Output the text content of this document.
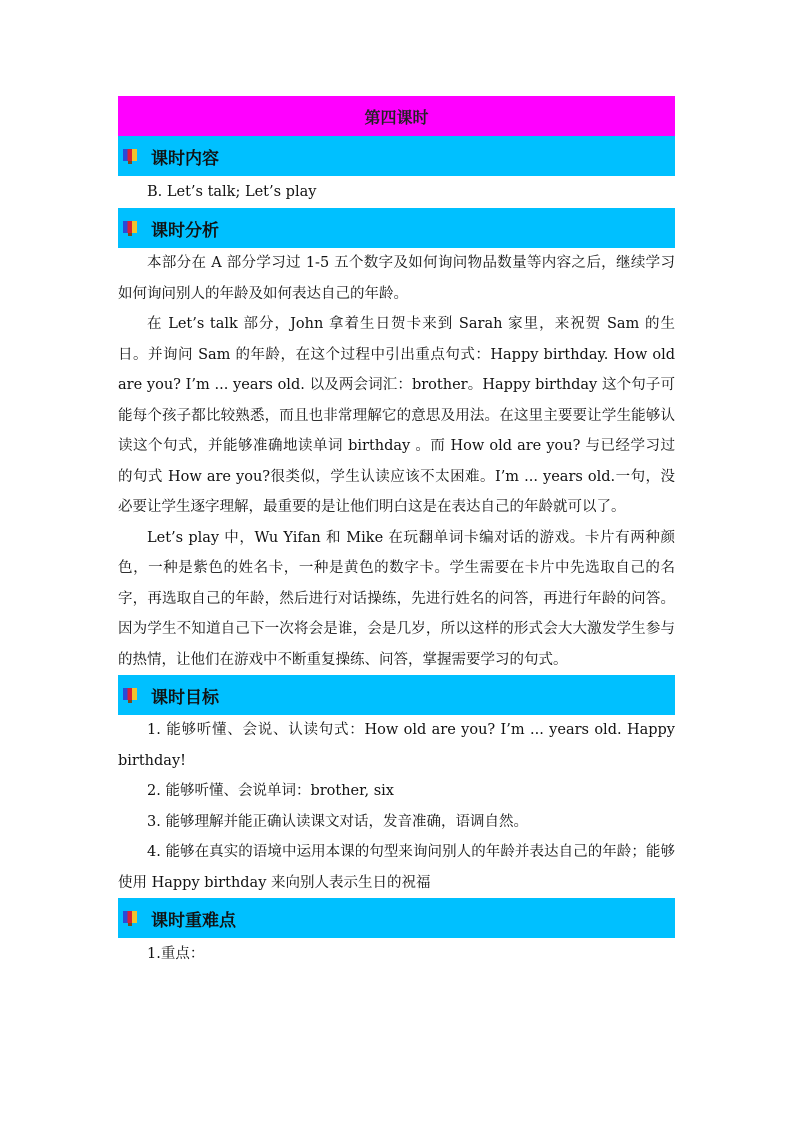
第四课时
课时内容

B. Let’s talk; Let’s play

课时分析

本部分在 A 部分学习过 1-5 五个数字及如何询问物品数量等内容之后，继续学习如何询问别人的年龄及如何表达自己的年龄。

在 Let’s talk 部分，John 拿着生日贺卡来到 Sarah 家里，来祝贺 Sam 的生日。并询问 Sam 的年龄，在这个过程中引出重点句式：Happy birthday. How old are you? I’m ... years old. 以及两会词汇：brother。Happy birthday 这个句子可能每个孩子都比较熟悉，而且也非常理解它的意思及用法。在这里主要要让学生能够认读这个句式，并能够准确地读单词 birthday 。而 How old are you? 与已经学习过的句式 How are you?很类似，学生认读应该不太困难。I’m ... years old.一句，没必要让学生逐字理解，最重要的是让他们明白这是在表达自己的年龄就可以了。

Let’s play 中，Wu Yifan 和 Mike 在玩翻单词卡编对话的游戏。卡片有两种颜色，一种是紫色的姓名卡，一种是黄色的数字卡。学生需要在卡片中先选取自己的名字，再选取自己的年龄，然后进行对话操练，先进行姓名的问答，再进行年龄的问答。因为学生不知道自己下一次将会是谁，会是几岁，所以这样的形式会大大激发学生参与的热情，让他们在游戏中不断重复操练、问答，掌握需要学习的句式。

课时目标

1. 能够听懂、会说、认读句式：How old are you? I’m ... years old. Happy birthday!

2. 能够听懂、会说单词：brother, six

3. 能够理解并能正确认读课文对话，发音准确，语调自然。

4. 能够在真实的语境中运用本课的句型来询问别人的年龄并表达自己的年龄；能够使用 Happy birthday 来向别人表示生日的祝福

课时重难点

1.重点：
